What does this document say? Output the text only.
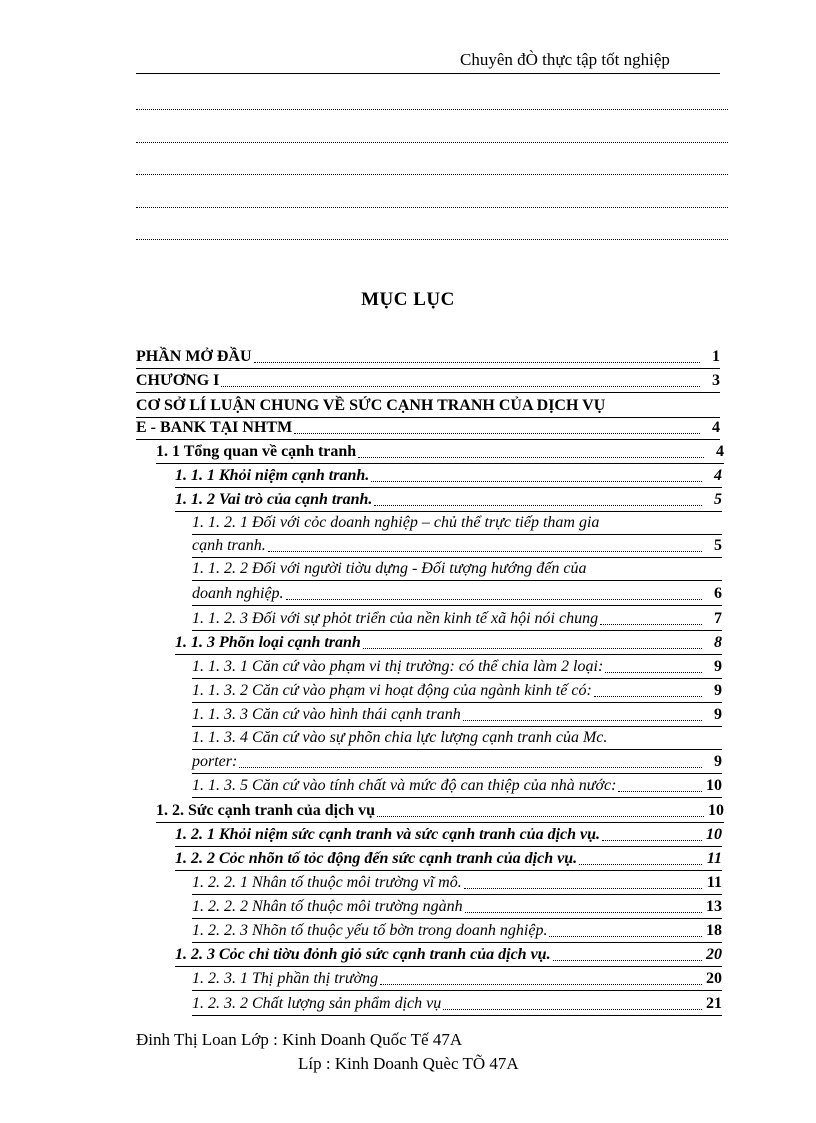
Chuyên đÒ thực tập tốt nghiệp
MỤC LỤC
PHẦN MỞ ĐẦU	1
CHƯƠNG I	3
CƠ SỞ LÍ LUẬN CHUNG VỀ SỨC CẠNH TRANH CỦA DỊCH VỤ
E - BANK TẠI NHTM	4
1. 1 Tổng quan về cạnh tranh	4
1. 1. 1 Khỏi niệm cạnh tranh.	4
1. 1. 2 Vai trò của cạnh tranh.	5
1. 1. 2. 1 Đối với cỏc doanh nghiệp – chủ thể trực tiếp tham gia
cạnh tranh.	5
1. 1. 2. 2 Đối với người tiờu dựng - Đối tượng hướng đến của
doanh nghiệp.	6
1. 1. 2. 3 Đối với sự phỏt triển của nền kinh tế xã hội nói chung	7
1. 1. 3 Phõn loại cạnh tranh	8
1. 1. 3. 1 Căn cứ vào phạm vi thị trường: có thể chia làm 2 loại:	9
1. 1. 3. 2 Căn cứ vào phạm vi hoạt động của ngành kinh tế có:	9
1. 1. 3. 3 Căn cứ vào hình thái cạnh tranh	9
1. 1. 3. 4 Căn cứ vào sự phõn chia lực lượng cạnh tranh của Mc.
porter:	9
1. 1. 3. 5 Căn cứ vào tính chất và mức độ can thiệp của nhà nước:	10
1. 2. Sức cạnh tranh của dịch vụ	10
1. 2. 1 Khỏi niệm sức cạnh tranh và sức cạnh tranh của dịch vụ.	10
1. 2. 2 Cỏc nhõn tố tỏc động đến sức cạnh tranh của dịch vụ.	11
1. 2. 2. 1 Nhân tố thuộc môi trường vĩ mô.	11
1. 2. 2. 2 Nhân tố thuộc môi trường ngành	13
1. 2. 2. 3 Nhõn tố thuộc yếu tố bờn trong doanh nghiệp.	18
1. 2. 3 Cỏc chỉ tiờu đỏnh giỏ sức cạnh tranh của dịch vụ.	20
1. 2. 3. 1 Thị phần thị trường	20
1. 2. 3. 2 Chất lượng sản phẩm dịch vụ	21
Đinh Thị Loan Lớp : Kinh Doanh Quốc Tế 47A
Líp : Kinh Doanh Quèc TÕ 47A
